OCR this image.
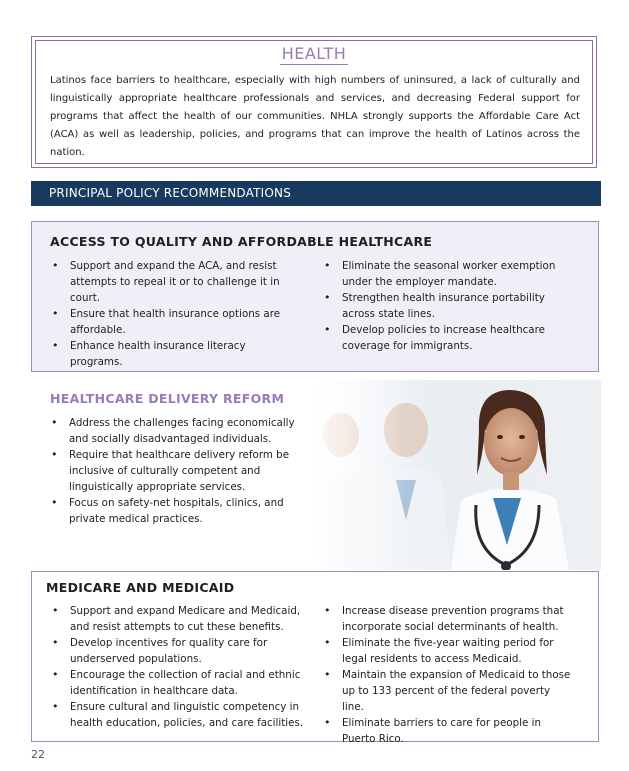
HEALTH
Latinos face barriers to healthcare, especially with high numbers of uninsured, a lack of culturally and linguistically appropriate healthcare professionals and services, and decreasing Federal support for programs that affect the health of our communities. NHLA strongly supports the Affordable Care Act (ACA) as well as leadership, policies, and programs that can improve the health of Latinos across the nation.
PRINCIPAL POLICY RECOMMENDATIONS
ACCESS TO QUALITY AND AFFORDABLE HEALTHCARE
• Support and expand the ACA, and resist attempts to repeal it or to challenge it in court.
• Ensure that health insurance options are affordable.
• Enhance health insurance literacy programs.
• Eliminate the seasonal worker exemption under the employer mandate.
• Strengthen health insurance portability across state lines.
• Develop policies to increase healthcare coverage for immigrants.
HEALTHCARE DELIVERY REFORM
• Address the challenges facing economically and socially disadvantaged individuals.
• Require that healthcare delivery reform be inclusive of culturally competent and linguistically appropriate services.
• Focus on safety-net hospitals, clinics, and private medical practices.
MEDICARE AND MEDICAID
• Support and expand Medicare and Medicaid, and resist attempts to cut these benefits.
• Develop incentives for quality care for underserved populations.
• Encourage the collection of racial and ethnic identification in healthcare data.
• Ensure cultural and linguistic competency in health education, policies, and care facilities.
• Increase disease prevention programs that incorporate social determinants of health.
• Eliminate the five-year waiting period for legal residents to access Medicaid.
• Maintain the expansion of Medicaid to those up to 133 percent of the federal poverty line.
• Eliminate barriers to care for people in Puerto Rico.
22
